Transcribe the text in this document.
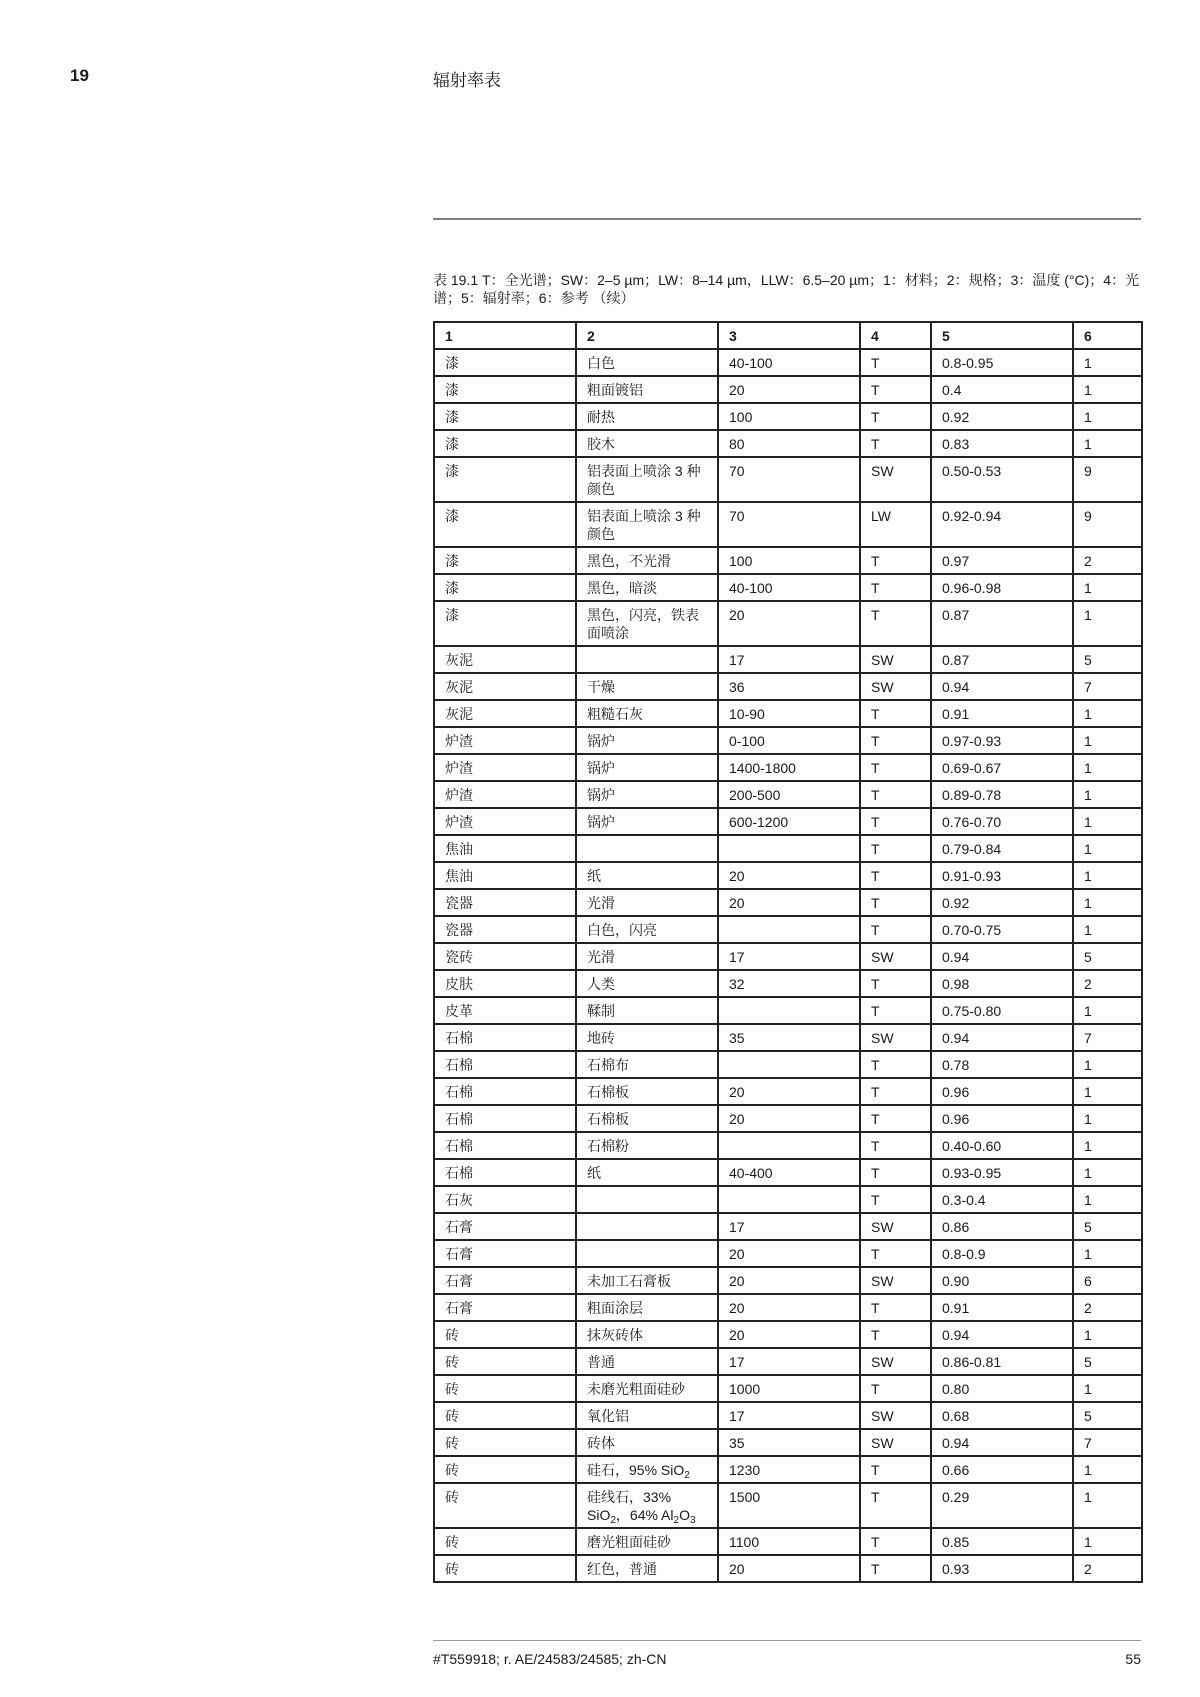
19	辐射率表
表 19.1 T：全光谱；SW：2–5 µm；LW：8–14 µm，LLW：6.5–20 µm；1：材料；2：规格；3：温度 (°C)；4：光谱；5：辐射率；6：参考 （续）
1	2	3	4	5	6
漆	白色	40-100	T	0.8-0.95	1
漆	粗面镀铝	20	T	0.4	1
漆	耐热	100	T	0.92	1
漆	胶木	80	T	0.83	1
漆	铝表面上喷涂 3 种颜色	70	SW	0.50-0.53	9
漆	铝表面上喷涂 3 种颜色	70	LW	0.92-0.94	9
漆	黑色，不光滑	100	T	0.97	2
漆	黑色，暗淡	40-100	T	0.96-0.98	1
漆	黑色，闪亮，铁表面喷涂	20	T	0.87	1
灰泥		17	SW	0.87	5
灰泥	干燥	36	SW	0.94	7
灰泥	粗糙石灰	10-90	T	0.91	1
炉渣	锅炉	0-100	T	0.97-0.93	1
炉渣	锅炉	1400-1800	T	0.69-0.67	1
炉渣	锅炉	200-500	T	0.89-0.78	1
炉渣	锅炉	600-1200	T	0.76-0.70	1
焦油			T	0.79-0.84	1
焦油	纸	20	T	0.91-0.93	1
瓷器	光滑	20	T	0.92	1
瓷器	白色，闪亮		T	0.70-0.75	1
瓷砖	光滑	17	SW	0.94	5
皮肤	人类	32	T	0.98	2
皮革	鞣制		T	0.75-0.80	1
石棉	地砖	35	SW	0.94	7
石棉	石棉布		T	0.78	1
石棉	石棉板	20	T	0.96	1
石棉	石棉板	20	T	0.96	1
石棉	石棉粉		T	0.40-0.60	1
石棉	纸	40-400	T	0.93-0.95	1
石灰			T	0.3-0.4	1
石膏		17	SW	0.86	5
石膏		20	T	0.8-0.9	1
石膏	未加工石膏板	20	SW	0.90	6
石膏	粗面涂层	20	T	0.91	2
砖	抹灰砖体	20	T	0.94	1
砖	普通	17	SW	0.86-0.81	5
砖	未磨光粗面硅砂	1000	T	0.80	1
砖	氧化铝	17	SW	0.68	5
砖	砖体	35	SW	0.94	7
砖	硅石，95% SiO$_2$	1230	T	0.66	1
砖	硅线石，33% SiO$_2$，64% $Al_2O_3$	1500	T	0.29	1
砖	磨光粗面硅砂	1100	T	0.85	1
砖	红色，普通	20	T	0.93	2
#T559918; r. AE/24583/24585; zh-CN	55
